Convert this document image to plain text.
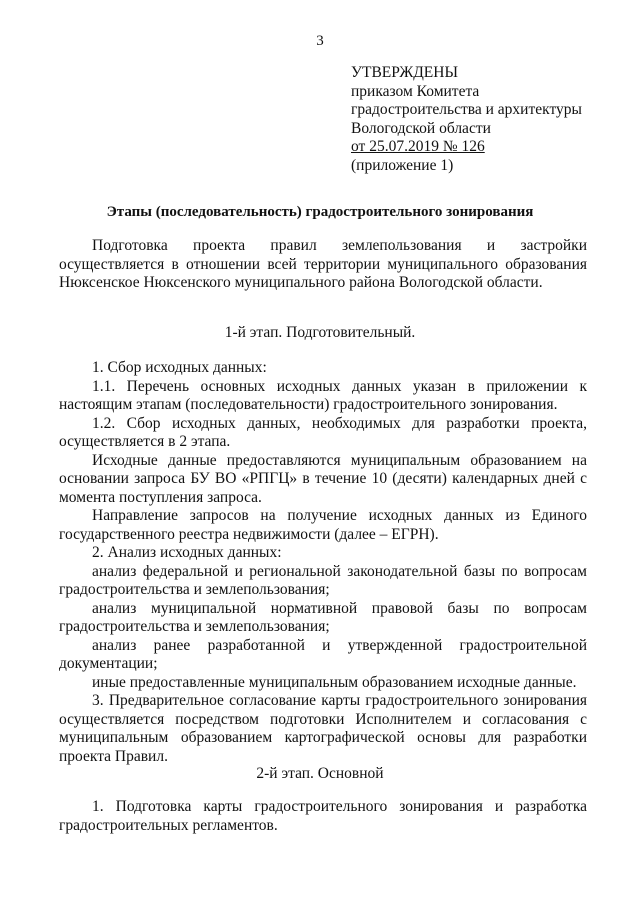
3
УТВЕРЖДЕНЫ
приказом Комитета
градостроительства и архитектуры
Вологодской области
от 25.07.2019 № 126
(приложение 1)
Этапы (последовательность) градостроительного зонирования

Подготовка проекта правил землепользования и застройки осуществляется в отношении всей территории муниципального образования Нюксенское Нюксенского муниципального района Вологодской области.

1-й этап. Подготовительный.

1. Сбор исходных данных:

1.1. Перечень основных исходных данных указан в приложении к настоящим этапам (последовательности) градостроительного зонирования.

1.2. Сбор исходных данных, необходимых для разработки проекта, осуществляется в 2 этапа.

Исходные данные предоставляются муниципальным образованием на основании запроса БУ ВО «РПГЦ» в течение 10 (десяти) календарных дней с момента поступления запроса.

Направление запросов на получение исходных данных из Единого государственного реестра недвижимости (далее – ЕГРН).

2. Анализ исходных данных:

анализ федеральной и региональной законодательной базы по вопросам градостроительства и землепользования;

анализ муниципальной нормативной правовой базы по вопросам градостроительства и землепользования;

анализ ранее разработанной и утвержденной градостроительной документации;

иные предоставленные муниципальным образованием исходные данные.

3. Предварительное согласование карты градостроительного зонирования осуществляется посредством подготовки Исполнителем и согласования с муниципальным образованием картографической основы для разработки проекта Правил.

2-й этап. Основной

1. Подготовка карты градостроительного зонирования и разработка градостроительных регламентов.
